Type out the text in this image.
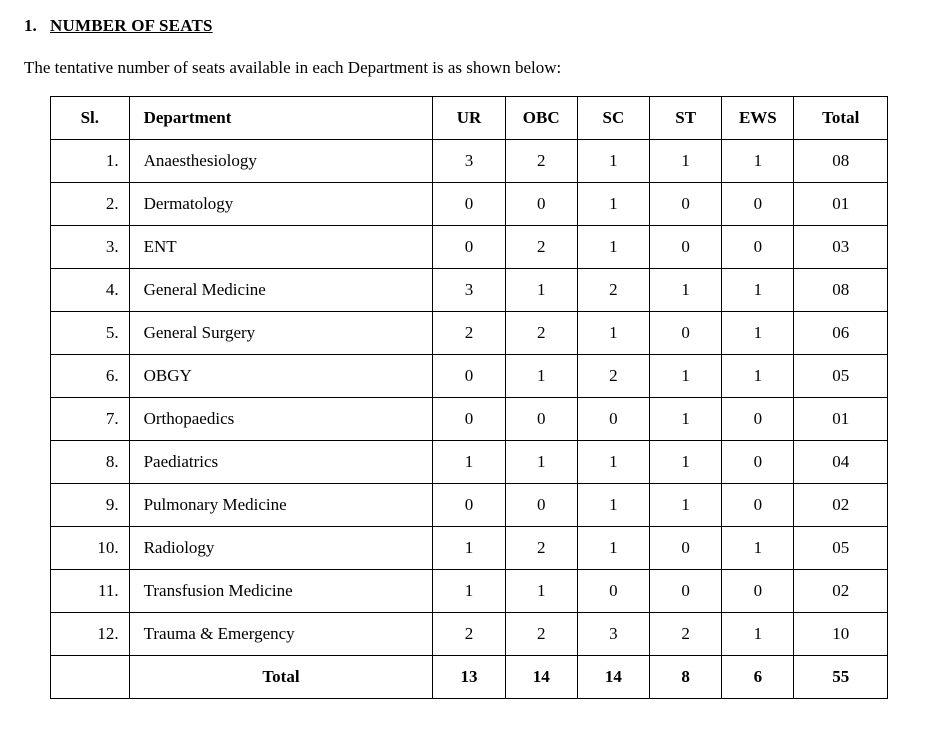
1. NUMBER OF SEATS

The tentative number of seats available in each Department is as shown below:

Sl.	Department	UR	OBC	SC	ST	EWS	Total
1.	Anaesthesiology	3	2	1	1	1	08
2.	Dermatology	0	0	1	0	0	01
3.	ENT	0	2	1	0	0	03
4.	General Medicine	3	1	2	1	1	08
5.	General Surgery	2	2	1	0	1	06
6.	OBGY	0	1	2	1	1	05
7.	Orthopaedics	0	0	0	1	0	01
8.	Paediatrics	1	1	1	1	0	04
9.	Pulmonary Medicine	0	0	1	1	0	02
10.	Radiology	1	2	1	0	1	05
11.	Transfusion Medicine	1	1	0	0	0	02
12.	Trauma & Emergency	2	2	3	2	1	10
	Total	13	14	14	8	6	55
